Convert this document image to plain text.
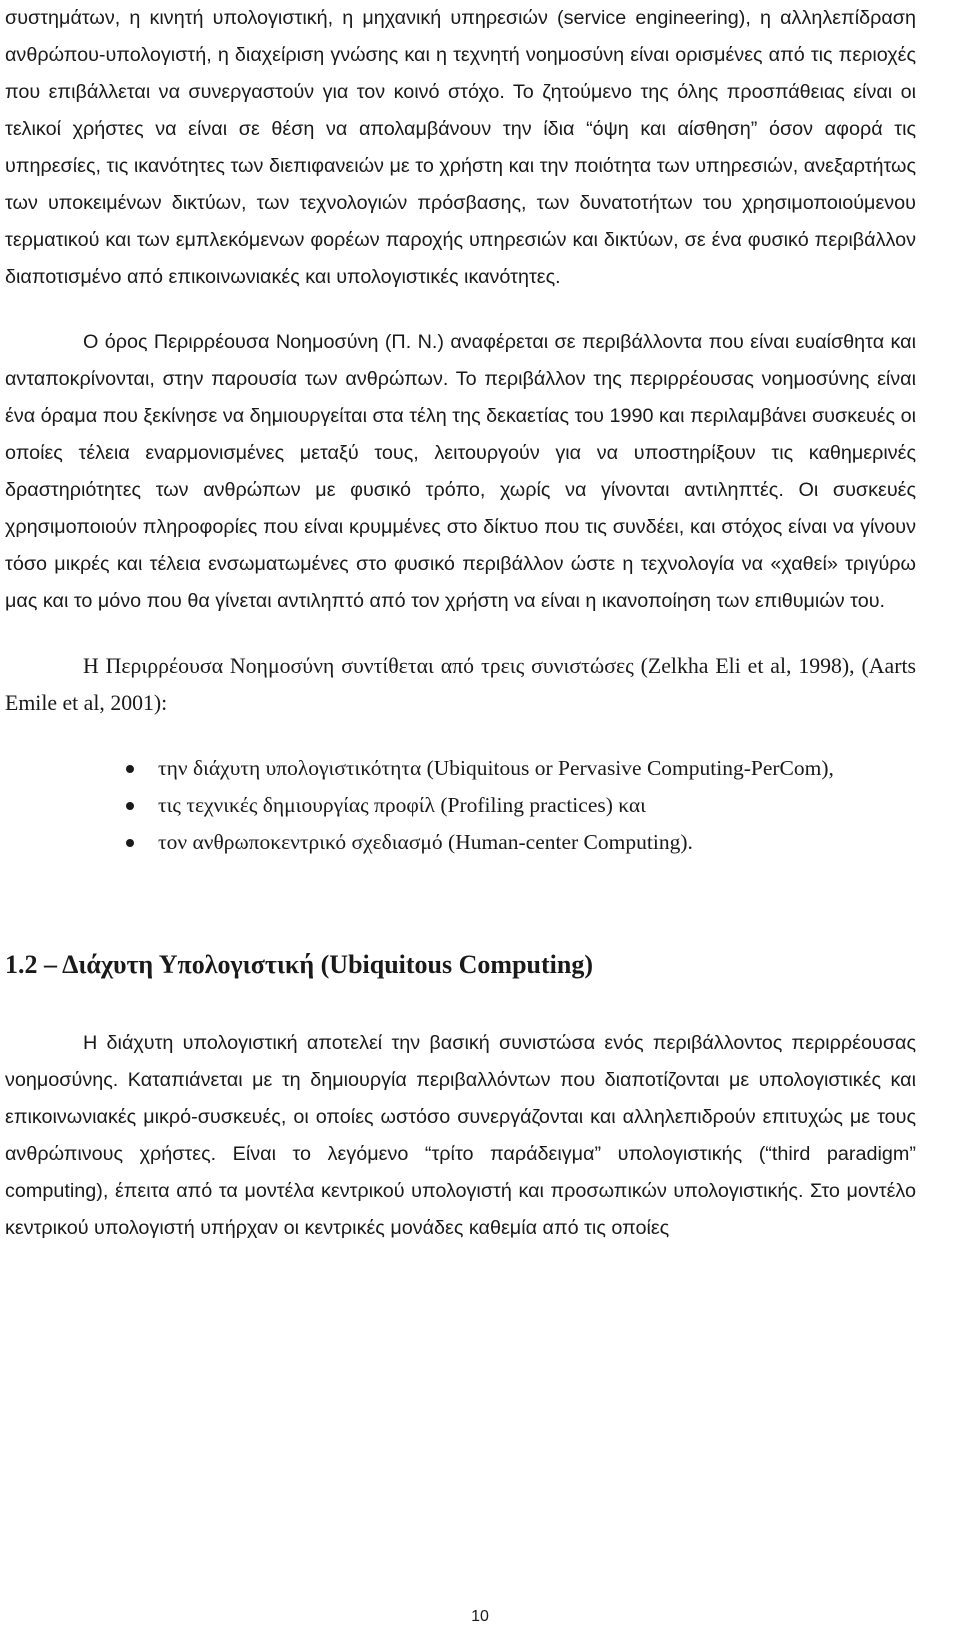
συστημάτων, η κινητή υπολογιστική, η μηχανική υπηρεσιών (service engineering), η αλληλεπίδραση ανθρώπου-υπολογιστή, η διαχείριση γνώσης και η τεχνητή νοημοσύνη είναι ορισμένες από τις περιοχές που επιβάλλεται να συνεργαστούν για τον κοινό στόχο. Το ζητούμενο της όλης προσπάθειας είναι οι τελικοί χρήστες να είναι σε θέση να απολαμβάνουν την ίδια “όψη και αίσθηση” όσον αφορά τις υπηρεσίες, τις ικανότητες των διεπιφανειών με το χρήστη και την ποιότητα των υπηρεσιών, ανεξαρτήτως των υποκειμένων δικτύων, των τεχνολογιών πρόσβασης, των δυνατοτήτων του χρησιμοποιούμενου τερματικού και των εμπλεκόμενων φορέων παροχής υπηρεσιών και δικτύων, σε ένα φυσικό περιβάλλον διαποτισμένο από επικοινωνιακές και υπολογιστικές ικανότητες.

Ο όρος Περιρρέουσα Νοημοσύνη (Π. Ν.) αναφέρεται σε περιβάλλοντα που είναι ευαίσθητα και ανταποκρίνονται, στην παρουσία των ανθρώπων. Το περιβάλλον της περιρρέουσας νοημοσύνης είναι ένα όραμα που ξεκίνησε να δημιουργείται στα τέλη της δεκαετίας του 1990 και περιλαμβάνει συσκευές οι οποίες τέλεια εναρμονισμένες μεταξύ τους, λειτουργούν για να υποστηρίξουν τις καθημερινές δραστηριότητες των ανθρώπων με φυσικό τρόπο, χωρίς να γίνονται αντιληπτές. Οι συσκευές χρησιμοποιούν πληροφορίες που είναι κρυμμένες στο δίκτυο που τις συνδέει, και στόχος είναι να γίνουν τόσο μικρές και τέλεια ενσωματωμένες στο φυσικό περιβάλλον ώστε η τεχνολογία να «χαθεί» τριγύρω μας και το μόνο που θα γίνεται αντιληπτό από τον χρήστη να είναι η ικανοποίηση των επιθυμιών του.

Η Περιρρέουσα Νοημοσύνη συντίθεται από τρεις συνιστώσες (Zelkha Eli et al, 1998), (Aarts Emile et al, 2001):

την διάχυτη υπολογιστικότητα (Ubiquitous or Pervasive Computing-PerCom),
τις τεχνικές δημιουργίας προφίλ (Profiling practices) και
τον ανθρωποκεντρικό σχεδιασμό (Human-center Computing).
1.2 – Διάχυτη Υπολογιστική (Ubiquitous Computing)

Η διάχυτη υπολογιστική αποτελεί την βασική συνιστώσα ενός περιβάλλοντος περιρρέουσας νοημοσύνης. Καταπιάνεται με τη δημιουργία περιβαλλόντων που διαποτίζονται με υπολογιστικές και επικοινωνιακές μικρό-συσκευές, οι οποίες ωστόσο συνεργάζονται και αλληλεπιδρούν επιτυχώς με τους ανθρώπινους χρήστες. Είναι το λεγόμενο “τρίτο παράδειγμα” υπολογιστικής (“third paradigm” computing), έπειτα από τα μοντέλα κεντρικού υπολογιστή και προσωπικών υπολογιστικής. Στο μοντέλο κεντρικού υπολογιστή υπήρχαν οι κεντρικές μονάδες καθεμία από τις οποίες

10
